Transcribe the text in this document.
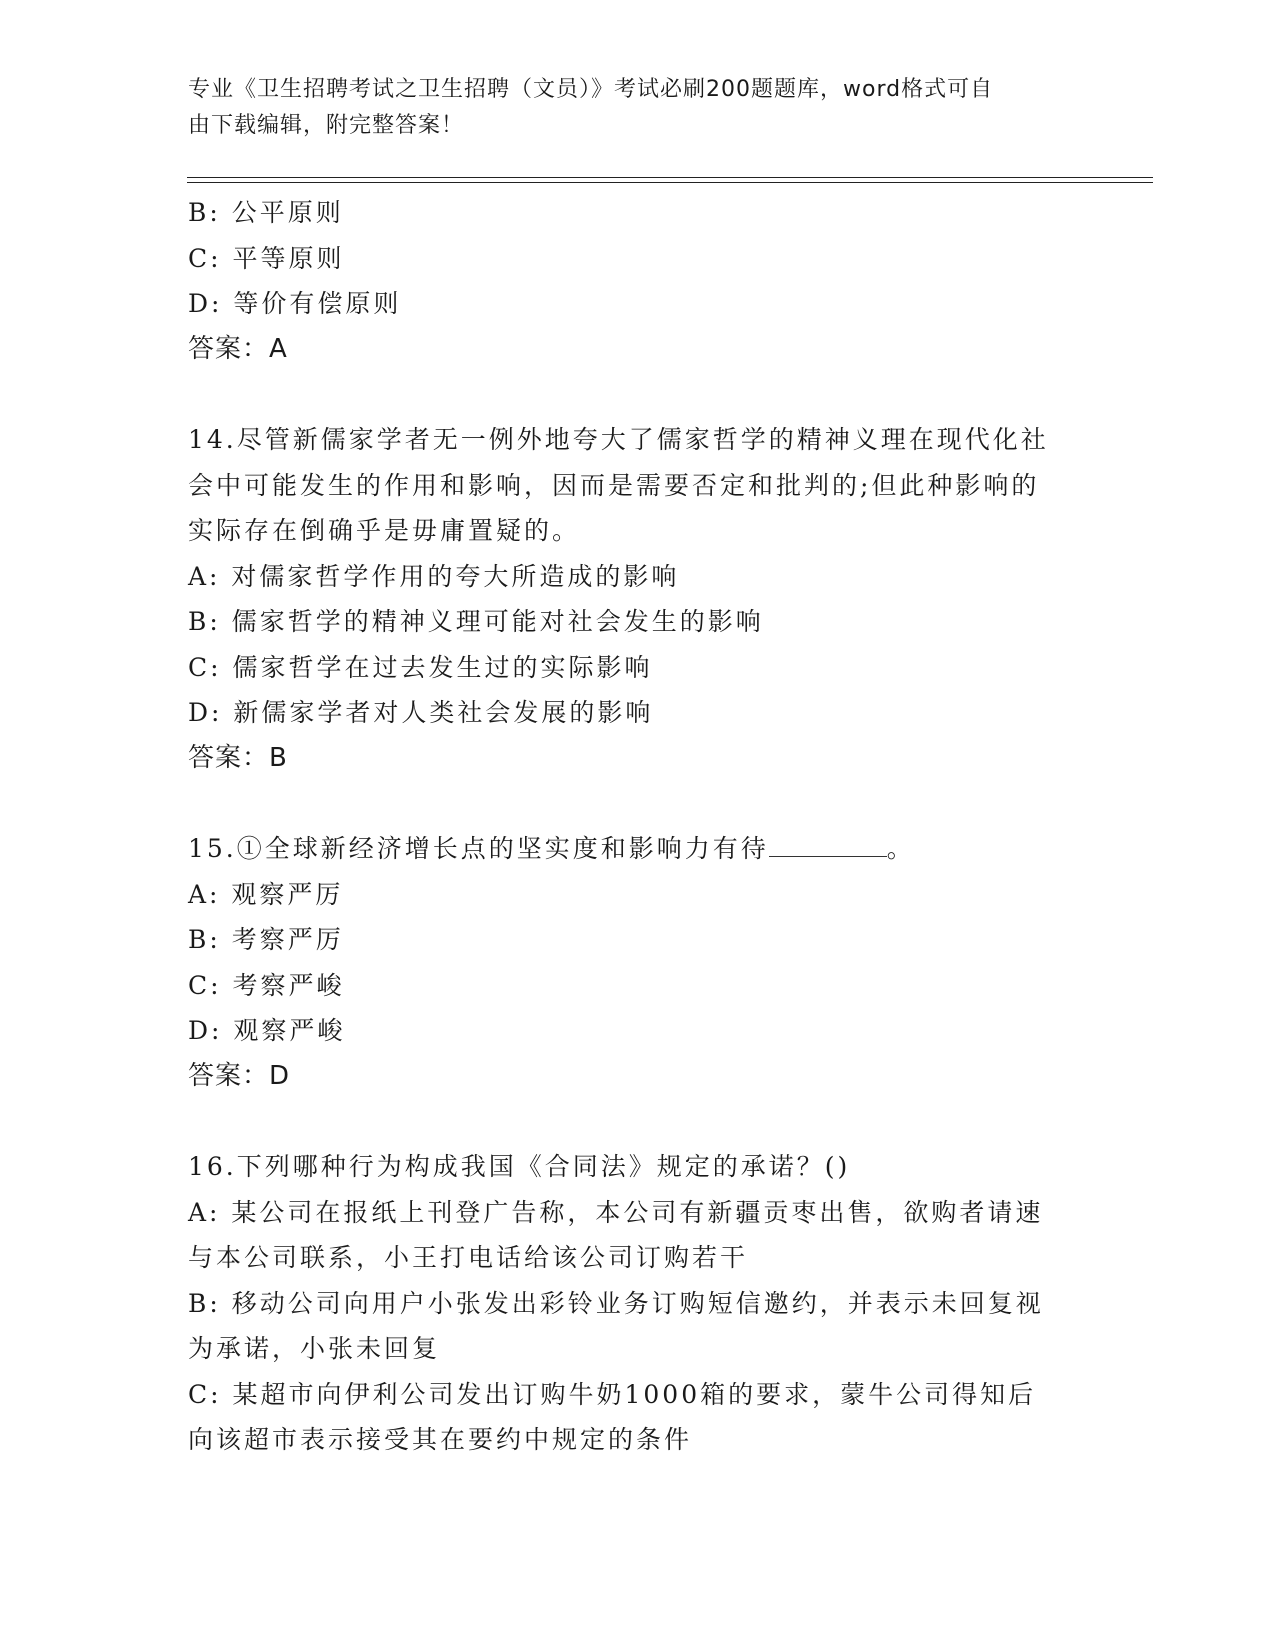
专业《卫生招聘考试之卫生招聘（文员）》考试必刷200题题库，word格式可自
由下载编辑，附完整答案！
B: 公平原则
C: 平等原则
D: 等价有偿原则
答案：A
14.尽管新儒家学者无一例外地夸大了儒家哲学的精神义理在现代化社
会中可能发生的作用和影响，因而是需要否定和批判的;但此种影响的
实际存在倒确乎是毋庸置疑的。
A: 对儒家哲学作用的夸大所造成的影响
B: 儒家哲学的精神义理可能对社会发生的影响
C: 儒家哲学在过去发生过的实际影响
D: 新儒家学者对人类社会发展的影响
答案：B
15.①全球新经济增长点的坚实度和影响力有待	。
A: 观察严厉
B: 考察严厉
C: 考察严峻
D: 观察严峻
答案：D
16.下列哪种行为构成我国《合同法》规定的承诺？()
A: 某公司在报纸上刊登广告称，本公司有新疆贡枣出售，欲购者请速
与本公司联系，小王打电话给该公司订购若干
B: 移动公司向用户小张发出彩铃业务订购短信邀约，并表示未回复视
为承诺，小张未回复
C: 某超市向伊利公司发出订购牛奶1000箱的要求，蒙牛公司得知后
向该超市表示接受其在要约中规定的条件
